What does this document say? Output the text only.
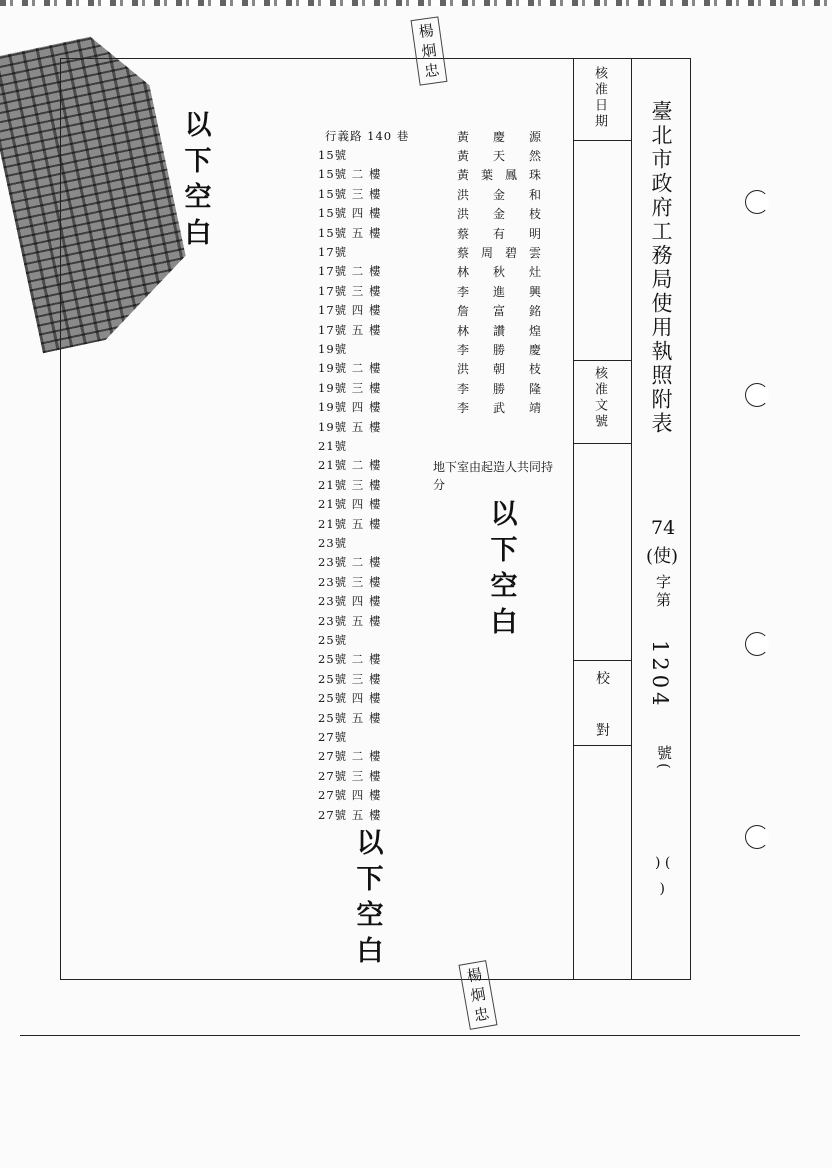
核准日期
核准文號
校
對
臺北市政府工務局使用執照附表
74
(使)
字第
1204
號(
) (
)
以
下
空
白
以
下
空
白
以
下
空
白
行義路 140 巷	黃 慶 源
15號	黃 天 然
15號 二 樓	黃 葉 鳳 珠
15號 三 樓	洪 金 和
15號 四 樓	洪 金 枝
15號 五 樓	蔡 有 明
17號	蔡 周 碧 雲
17號 二 樓	林 秋 灶
17號 三 樓	李 進 興
17號 四 樓	詹 富 銘
17號 五 樓	林 讚 煌
19號	李 勝 慶
19號 二 樓	洪 朝 枝
19號 三 樓	李 勝 隆
19號 四 樓	李 武 靖
19號 五 樓
21號
21號 二 樓
21號 三 樓
21號 四 樓
21號 五 樓
23號
23號 二 樓
23號 三 樓
23號 四 樓
23號 五 樓
25號
25號 二 樓
25號 三 樓
25號 四 樓
25號 五 樓
27號
27號 二 樓
27號 三 樓
27號 四 樓
27號 五 樓
地下室由起造人共同持分
楊
炯
忠
楊
炯
忠
